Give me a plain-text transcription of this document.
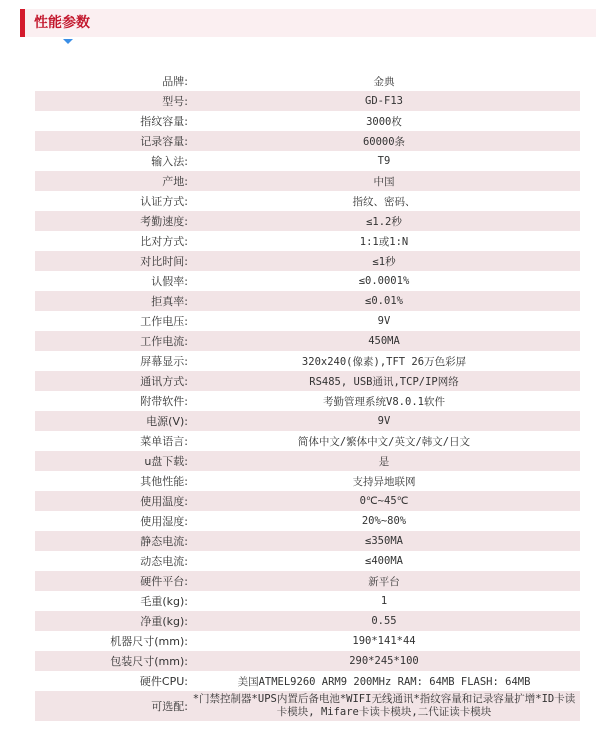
性能参数
品牌:	金典
型号:	GD-F13
指纹容量:	3000枚
记录容量:	60000条
输入法:	T9
产地:	中国
认证方式:	指纹、密码、
考勤速度:	≤1.2秒
比对方式:	1:1或1:N
对比时间:	≤1秒
认假率:	≤0.0001%
拒真率:	≤0.01%
工作电压:	9V
工作电流:	450MA
屏幕显示:	320x240(像素),TFT 26万色彩屏
通讯方式:	RS485, USB通讯,TCP/IP网络
附带软件:	考勤管理系统V8.0.1软件
电源(V):	9V
菜单语言:	简体中文/繁体中文/英文/韩文/日文
u盘下载:	是
其他性能:	支持异地联网
使用温度:	0℃~45℃
使用湿度:	20%~80%
静态电流:	≤350MA
动态电流:	≤400MA
硬件平台:	新平台
毛重(kg):	1
净重(kg):	0.55
机器尺寸(mm):	190*141*44
包装尺寸(mm):	290*245*100
硬件CPU:	美国ATMEL9260 ARM9 200MHz RAM: 64MB FLASH: 64MB
可选配:
*门禁控制器*UPS内置后备电池*WIFI无线通讯*指纹容量和记录容量扩增*ID卡读卡模块, Mifare卡读卡模块,二代证读卡模块
